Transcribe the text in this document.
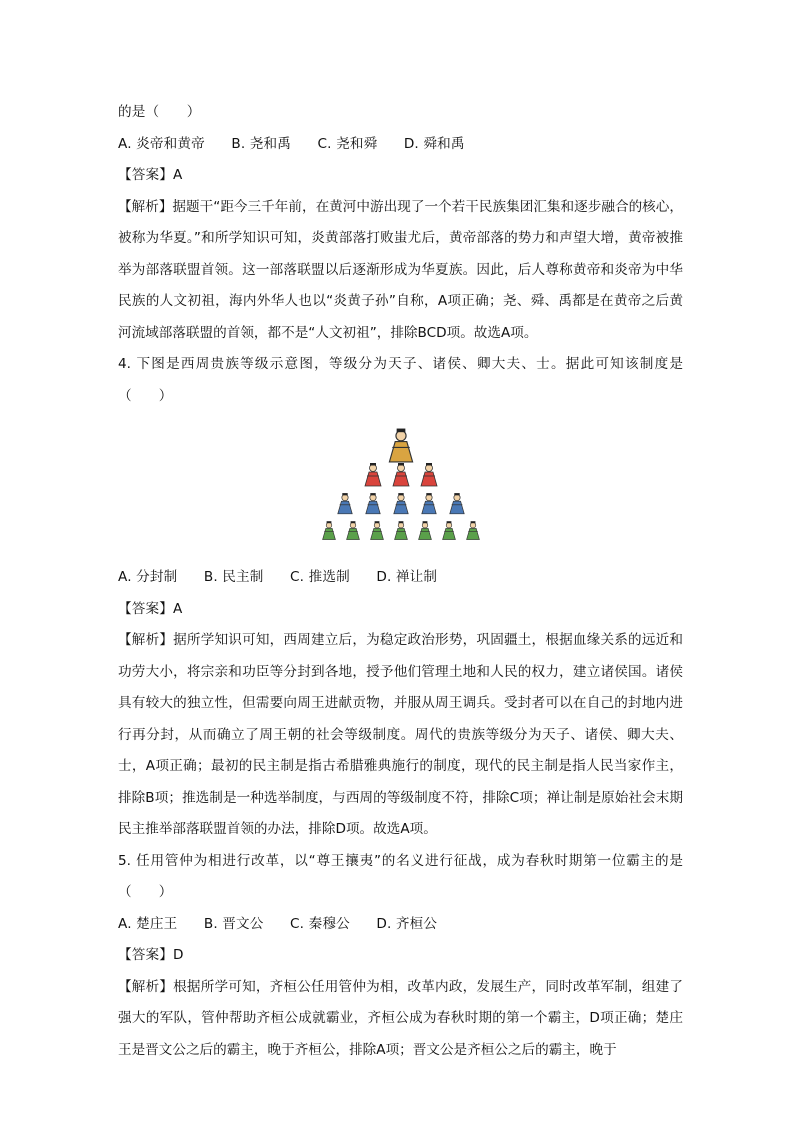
的是（　　）
A. 炎帝和黄帝 B. 尧和禹 C. 尧和舜 D. 舜和禹
【答案】A
【解析】据题干“距今三千年前，在黄河中游出现了一个若干民族集团汇集和逐步融合的核心，被称为华夏。”和所学知识可知，炎黄部落打败蚩尤后，黄帝部落的势力和声望大增，黄帝被推举为部落联盟首领。这一部落联盟以后逐渐形成为华夏族。因此，后人尊称黄帝和炎帝为中华民族的人文初祖，海内外华人也以“炎黄子孙”自称，A项正确；尧、舜、禹都是在黄帝之后黄河流域部落联盟的首领，都不是“人文初祖”，排除BCD项。故选A项。
4. 下图是西周贵族等级示意图，等级分为天子、诸侯、卿大夫、士。据此可知该制度是（　　）
A. 分封制 B. 民主制 C. 推选制 D. 禅让制
【答案】A
【解析】据所学知识可知，西周建立后，为稳定政治形势，巩固疆土，根据血缘关系的远近和功劳大小，将宗亲和功臣等分封到各地，授予他们管理土地和人民的权力，建立诸侯国。诸侯具有较大的独立性，但需要向周王进献贡物，并服从周王调兵。受封者可以在自己的封地内进行再分封，从而确立了周王朝的社会等级制度。周代的贵族等级分为天子、诸侯、卿大夫、士，A项正确；最初的民主制是指古希腊雅典施行的制度，现代的民主制是指人民当家作主，排除B项；推选制是一种选举制度，与西周的等级制度不符，排除C项；禅让制是原始社会末期民主推举部落联盟首领的办法，排除D项。故选A项。
5. 任用管仲为相进行改革，以“尊王攘夷”的名义进行征战，成为春秋时期第一位霸主的是（　　）
A. 楚庄王 B. 晋文公 C. 秦穆公 D. 齐桓公
【答案】D
【解析】根据所学可知，齐桓公任用管仲为相，改革内政，发展生产，同时改革军制，组建了强大的军队，管仲帮助齐桓公成就霸业，齐桓公成为春秋时期的第一个霸主，D项正确；楚庄王是晋文公之后的霸主，晚于齐桓公，排除A项；晋文公是齐桓公之后的霸主，晚于
